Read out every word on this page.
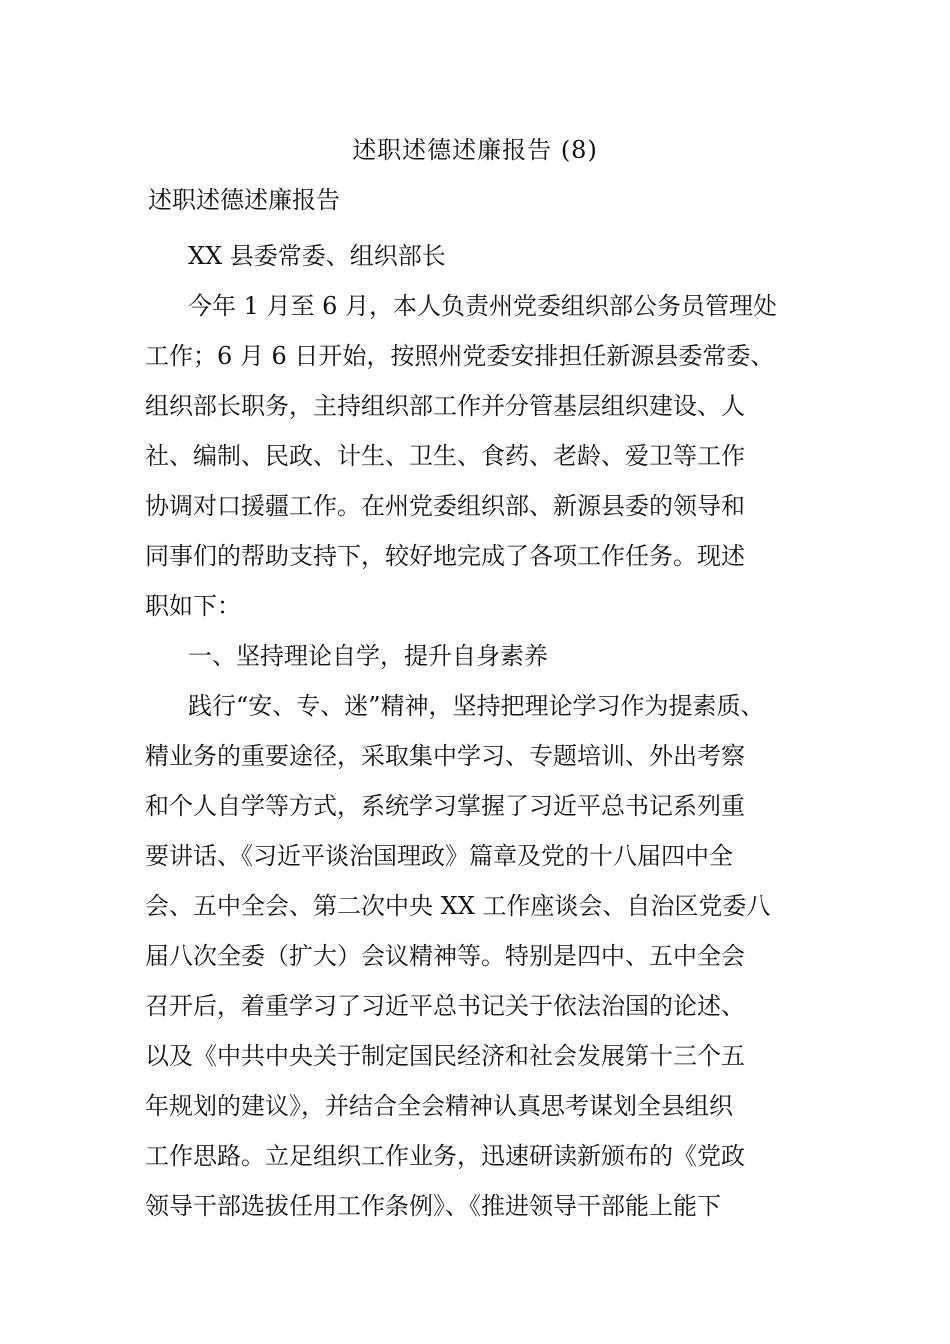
述职述德述廉报告 (8)
述职述德述廉报告
XX 县委常委、组织部长
今年 1 月至 6 月，本人负责州党委组织部公务员管理处
工作；6 月 6 日开始，按照州党委安排担任新源县委常委、
组织部长职务，主持组织部工作并分管基层组织建设、人
社、编制、民政、计生、卫生、食药、老龄、爱卫等工作
协调对口援疆工作。在州党委组织部、新源县委的领导和
同事们的帮助支持下，较好地完成了各项工作任务。现述
职如下：
一、坚持理论自学，提升自身素养
践行“安、专、迷”精神，坚持把理论学习作为提素质、
精业务的重要途径，采取集中学习、专题培训、外出考察
和个人自学等方式，系统学习掌握了习近平总书记系列重
要讲话、《习近平谈治国理政》篇章及党的十八届四中全
会、五中全会、第二次中央 XX 工作座谈会、自治区党委八
届八次全委（扩大）会议精神等。特别是四中、五中全会
召开后，着重学习了习近平总书记关于依法治国的论述、
以及《中共中央关于制定国民经济和社会发展第十三个五
年规划的建议》，并结合全会精神认真思考谋划全县组织
工作思路。立足组织工作业务，迅速研读新颁布的《党政
领导干部选拔任用工作条例》、《推进领导干部能上能下
